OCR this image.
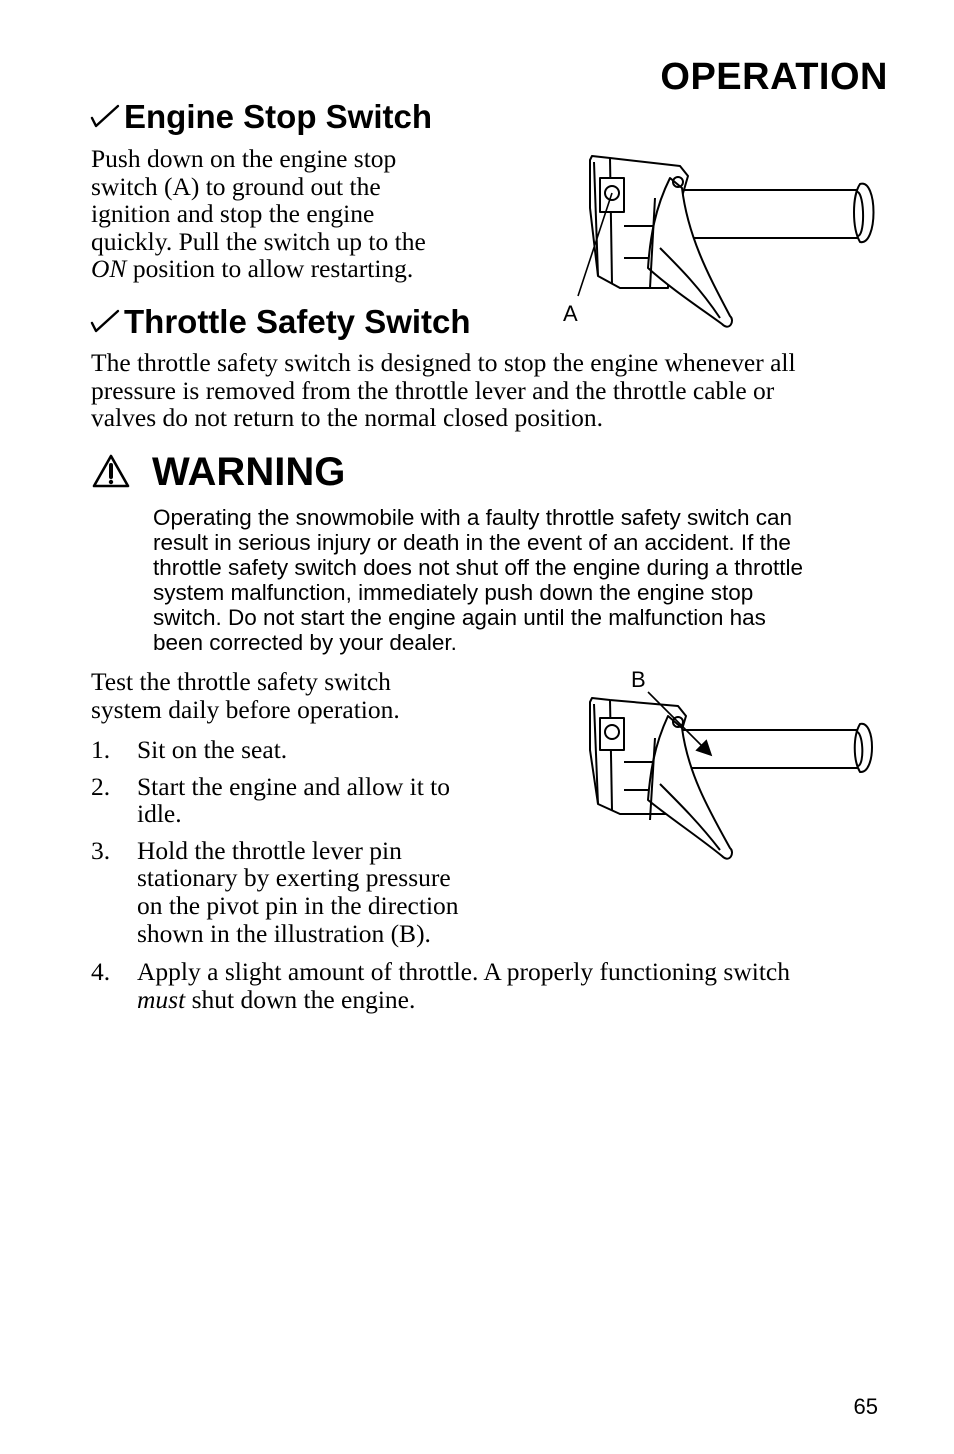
OPERATION
Engine Stop Switch
Push down on the engine stop
switch (A) to ground out the
ignition and stop the engine
quickly. Pull the switch up to the
ON position to allow restarting.
A
Throttle Safety Switch
The throttle safety switch is designed to stop the engine whenever all
pressure is removed from the throttle lever and the throttle cable or
valves do not return to the normal closed position.
WARNING
Operating the snowmobile with a faulty throttle safety switch can
result in serious injury or death in the event of an accident. If the
throttle safety switch does not shut off the engine during a throttle
system malfunction, immediately push down the engine stop
switch. Do not start the engine again until the malfunction has
been corrected by your dealer.
Test the throttle safety switch
system daily before operation.
1. Sit on the seat.
2. Start the engine and allow it to
idle.
3. Hold the throttle lever pin
stationary by exerting pressure
on the pivot pin in the direction
shown in the illustration (B).
4. Apply a slight amount of throttle. A properly functioning switch
must shut down the engine.
B
65
